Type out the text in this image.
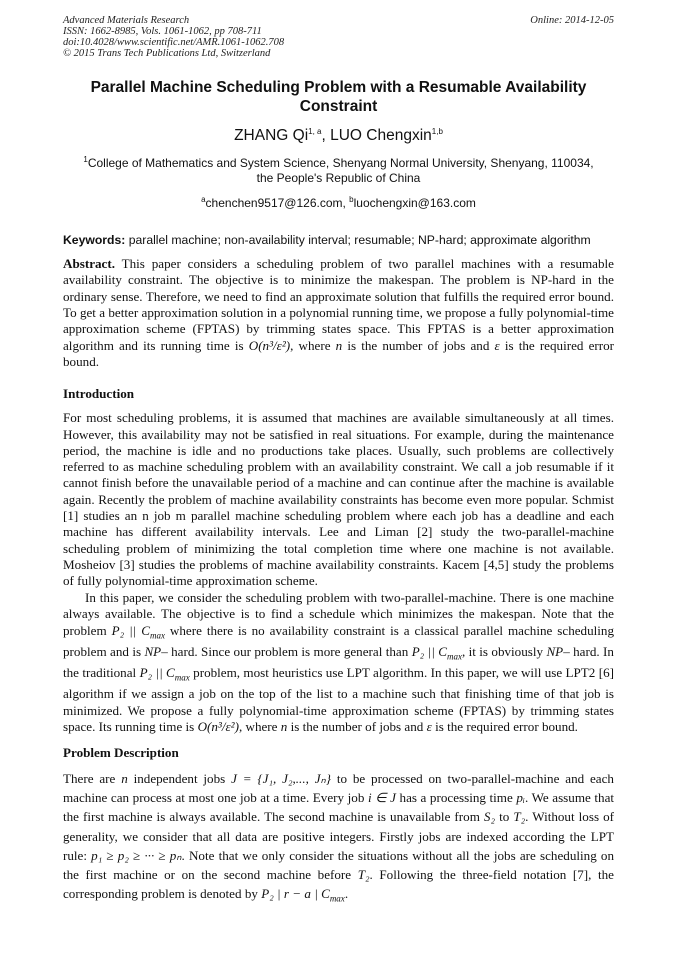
Advanced Materials Research
ISSN: 1662-8985, Vols. 1061-1062, pp 708-711
doi:10.4028/www.scientific.net/AMR.1061-1062.708
© 2015 Trans Tech Publications Ltd, Switzerland
Online: 2014-12-05
Parallel Machine Scheduling Problem with a Resumable Availability
Constraint
ZHANG Qi$^{1, a}$, LUO Chengxin$^{1,b}$
$^1$College of Mathematics and System Science, Shenyang Normal University, Shenyang, 110034,
the People's Republic of China
$^a$chenchen9517@126.com, $^b$luochengxin@163.com
Keywords: parallel machine; non-availability interval; resumable; NP-hard; approximate algorithm

Abstract. This paper considers a scheduling problem of two parallel machines with a resumable availability constraint. The objective is to minimize the makespan. The problem is NP-hard in the ordinary sense. Therefore, we need to find an approximate solution that fulfills the required error bound. To get a better approximation solution in a polynomial running time, we propose a fully polynomial-time approximation scheme (FPTAS) by trimming states space. This FPTAS is a better approximation algorithm and its running time is O(n³/ε²), where n is the number of jobs and ε is the required error bound.

Introduction

For most scheduling problems, it is assumed that machines are available simultaneously at all times. However, this availability may not be satisfied in real situations. For example, during the maintenance period, the machine is idle and no productions take places. Usually, such problems are collectively referred to as machine scheduling problem with an availability constraint. We call a job resumable if it cannot finish before the unavailable period of a machine and can continue after the machine is available again. Recently the problem of machine availability constraints has become even more popular. Schmist [1] studies an n job m parallel machine scheduling problem where each job has a deadline and each machine has different availability intervals. Lee and Liman [2] study the two-parallel-machine scheduling problem of minimizing the total completion time where one machine is not available. Mosheiov [3] studies the problems of machine availability constraints. Kacem [4,5] study the problems of fully polynomial-time approximation scheme.

In this paper, we consider the scheduling problem with two-parallel-machine. There is one machine always available. The objective is to find a schedule which minimizes the makespan. Note that the problem P₂ || $C_{max}$ where there is no availability constraint is a classical parallel machine scheduling problem and is NP– hard. Since our problem is more general than P₂ || $C_{max}$, it is obviously NP– hard. In the traditional P₂ || $C_{max}$ problem, most heuristics use LPT algorithm. In this paper, we will use LPT2 [6] algorithm if we assign a job on the top of the list to a machine such that finishing time of that job is minimized. We propose a fully polynomial-time approximation scheme (FPTAS) by trimming states space. Its running time is O(n³/ε²), where n is the number of jobs and ε is the required error bound.

Problem Description

There are n independent jobs J = {J₁, J₂,..., Jₙ} to be processed on two-parallel-machine and each machine can process at most one job at a time. Every job i ∈ J has a processing time pᵢ. We assume that the first machine is always available. The second machine is unavailable from S₂ to T₂. Without loss of generality, we consider that all data are positive integers. Firstly jobs are indexed according the LPT rule: p₁ ≥ p₂ ≥ ··· ≥ pₙ. Note that we only consider the situations without all the jobs are scheduling on the first machine or on the second machine before T₂. Following the three-field notation [7], the corresponding problem is denoted by P₂ | r − a | $C_{max}$.
